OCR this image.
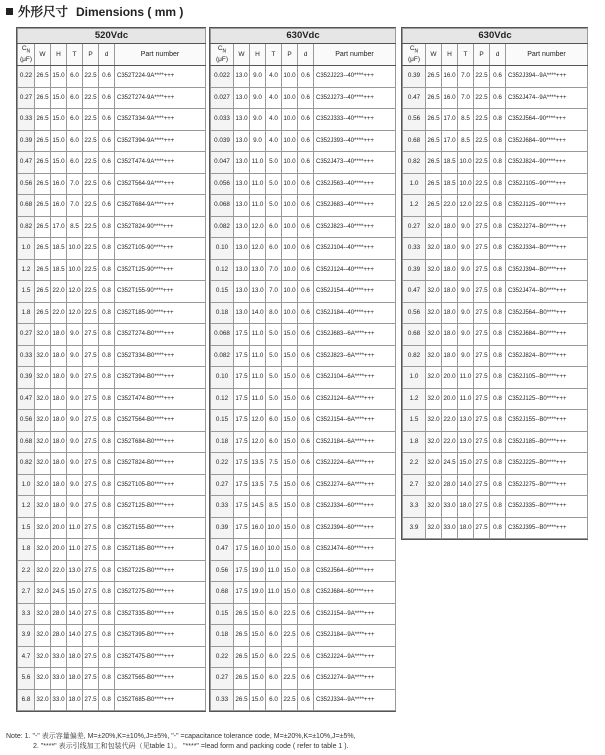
外形尺寸 Dimensions ( mm )
520Vdc						
$C_N$
(μF)	W	H	T	P	d	Part number
0.22	26.5	15.0	6.0	22.5	0.6	C352T224-9A****+++
0.27	26.5	15.0	6.0	22.5	0.6	C352T274-9A****+++
0.33	26.5	15.0	6.0	22.5	0.6	C352T334-9A****+++
0.39	26.5	15.0	6.0	22.5	0.6	C352T394-9A****+++
0.47	26.5	15.0	6.0	22.5	0.6	C352T474-9A****+++
0.56	26.5	16.0	7.0	22.5	0.6	C352T564-9A****+++
0.68	26.5	16.0	7.0	22.5	0.6	C352T684-9A****+++
0.82	26.5	17.0	8.5	22.5	0.8	C352T824-90****+++
1.0	26.5	18.5	10.0	22.5	0.8	C352T105-90****+++
1.2	26.5	18.5	10.0	22.5	0.8	C352T125-90****+++
1.5	26.5	22.0	12.0	22.5	0.8	C352T155-90****+++
1.8	26.5	22.0	12.0	22.5	0.8	C352T185-90****+++
0.27	32.0	18.0	9.0	27.5	0.8	C352T274-B0****+++
0.33	32.0	18.0	9.0	27.5	0.8	C352T334-B0****+++
0.39	32.0	18.0	9.0	27.5	0.8	C352T394-B0****+++
0.47	32.0	18.0	9.0	27.5	0.8	C352T474-B0****+++
0.56	32.0	18.0	9.0	27.5	0.8	C352T564-B0****+++
0.68	32.0	18.0	9.0	27.5	0.8	C352T684-B0****+++
0.82	32.0	18.0	9.0	27.5	0.8	C352T824-B0****+++
1.0	32.0	18.0	9.0	27.5	0.8	C352T105-B0****+++
1.2	32.0	18.0	9.0	27.5	0.8	C352T125-B0****+++
1.5	32.0	20.0	11.0	27.5	0.8	C352T155-B0****+++
1.8	32.0	20.0	11.0	27.5	0.8	C352T185-B0****+++
2.2	32.0	22.0	13.0	27.5	0.8	C352T225-B0****+++
2.7	32.0	24.5	15.0	27.5	0.8	C352T275-B0****+++
3.3	32.0	28.0	14.0	27.5	0.8	C352T335-B0****+++
3.9	32.0	28.0	14.0	27.5	0.8	C352T395-B0****+++
4.7	32.0	33.0	18.0	27.5	0.8	C352T475-B0****+++
5.6	32.0	33.0	18.0	27.5	0.8	C352T565-B0****+++
6.8	32.0	33.0	18.0	27.5	0.8	C352T685-B0****+++
630Vdc						
$C_N$
(μF)	W	H	T	P	d	Part number
0.022	13.0	9.0	4.0	10.0	0.6	C352J223--40****+++
0.027	13.0	9.0	4.0	10.0	0.6	C352J273--40****+++
0.033	13.0	9.0	4.0	10.0	0.6	C352J333--40****+++
0.039	13.0	9.0	4.0	10.0	0.6	C352J393--40****+++
0.047	13.0	11.0	5.0	10.0	0.6	C352J473--40****+++
0.056	13.0	11.0	5.0	10.0	0.6	C352J563--40****+++
0.068	13.0	11.0	5.0	10.0	0.6	C352J683--40****+++
0.082	13.0	12.0	6.0	10.0	0.6	C352J823--40****+++
0.10	13.0	12.0	6.0	10.0	0.6	C352J104--40****+++
0.12	13.0	13.0	7.0	10.0	0.6	C352J124--40****+++
0.15	13.0	13.0	7.0	10.0	0.6	C352J154--40****+++
0.18	13.0	14.0	8.0	10.0	0.6	C352J184--40****+++
0.068	17.5	11.0	5.0	15.0	0.6	C352J683--6A****+++
0.082	17.5	11.0	5.0	15.0	0.6	C352J823--6A****+++
0.10	17.5	11.0	5.0	15.0	0.6	C352J104--6A****+++
0.12	17.5	11.0	5.0	15.0	0.6	C352J124--6A****+++
0.15	17.5	12.0	6.0	15.0	0.6	C352J154--6A****+++
0.18	17.5	12.0	6.0	15.0	0.6	C352J184--6A****+++
0.22	17.5	13.5	7.5	15.0	0.6	C352J224--6A****+++
0.27	17.5	13.5	7.5	15.0	0.6	C352J274--6A****+++
0.33	17.5	14.5	8.5	15.0	0.8	C352J334--60****+++
0.39	17.5	16.0	10.0	15.0	0.8	C352J394--60****+++
0.47	17.5	16.0	10.0	15.0	0.8	C352J474--60****+++
0.56	17.5	19.0	11.0	15.0	0.8	C352J564--60****+++
0.68	17.5	19.0	11.0	15.0	0.8	C352J684--60****+++
0.15	26.5	15.0	6.0	22.5	0.6	C352J154--9A****+++
0.18	26.5	15.0	6.0	22.5	0.6	C352J184--9A****+++
0.22	26.5	15.0	6.0	22.5	0.6	C352J224--9A****+++
0.27	26.5	15.0	6.0	22.5	0.6	C352J274--9A****+++
0.33	26.5	15.0	6.0	22.5	0.6	C352J334--9A****+++
630Vdc						
$C_N$
(μF)	W	H	T	P	d	Part number
0.39	26.5	16.0	7.0	22.5	0.6	C352J394--9A****+++
0.47	26.5	16.0	7.0	22.5	0.6	C352J474--9A****+++
0.56	26.5	17.0	8.5	22.5	0.8	C352J564--90****+++
0.68	26.5	17.0	8.5	22.5	0.8	C352J684--90****+++
0.82	26.5	18.5	10.0	22.5	0.8	C352J824--90****+++
1.0	26.5	18.5	10.0	22.5	0.8	C352J105--90****+++
1.2	26.5	22.0	12.0	22.5	0.8	C352J125--90****+++
0.27	32.0	18.0	9.0	27.5	0.8	C352J274--B0****+++
0.33	32.0	18.0	9.0	27.5	0.8	C352J334--B0****+++
0.39	32.0	18.0	9.0	27.5	0.8	C352J394--B0****+++
0.47	32.0	18.0	9.0	27.5	0.8	C352J474--B0****+++
0.56	32.0	18.0	9.0	27.5	0.8	C352J564--B0****+++
0.68	32.0	18.0	9.0	27.5	0.8	C352J684--B0****+++
0.82	32.0	18.0	9.0	27.5	0.8	C352J824--B0****+++
1.0	32.0	20.0	11.0	27.5	0.8	C352J105--B0****+++
1.2	32.0	20.0	11.0	27.5	0.8	C352J125--B0****+++
1.5	32.0	22.0	13.0	27.5	0.8	C352J155--B0****+++
1.8	32.0	22.0	13.0	27.5	0.8	C352J185--B0****+++
2.2	32.0	24.5	15.0	27.5	0.8	C352J225--B0****+++
2.7	32.0	28.0	14.0	27.5	0.8	C352J275--B0****+++
3.3	32.0	33.0	18.0	27.5	0.8	C352J335--B0****+++
3.9	32.0	33.0	18.0	27.5	0.8	C352J395--B0****+++
Note: 1. "-" 表示容量偏差, M=±20%,K=±10%,J=±5%, "-" =capacitance tolerance code, M=±20%,K=±10%,J=±5%,
2. "****" 表示引线加工和包装代码（见table 1）。 "****" =lead form and packing code ( refer to table 1 ).
